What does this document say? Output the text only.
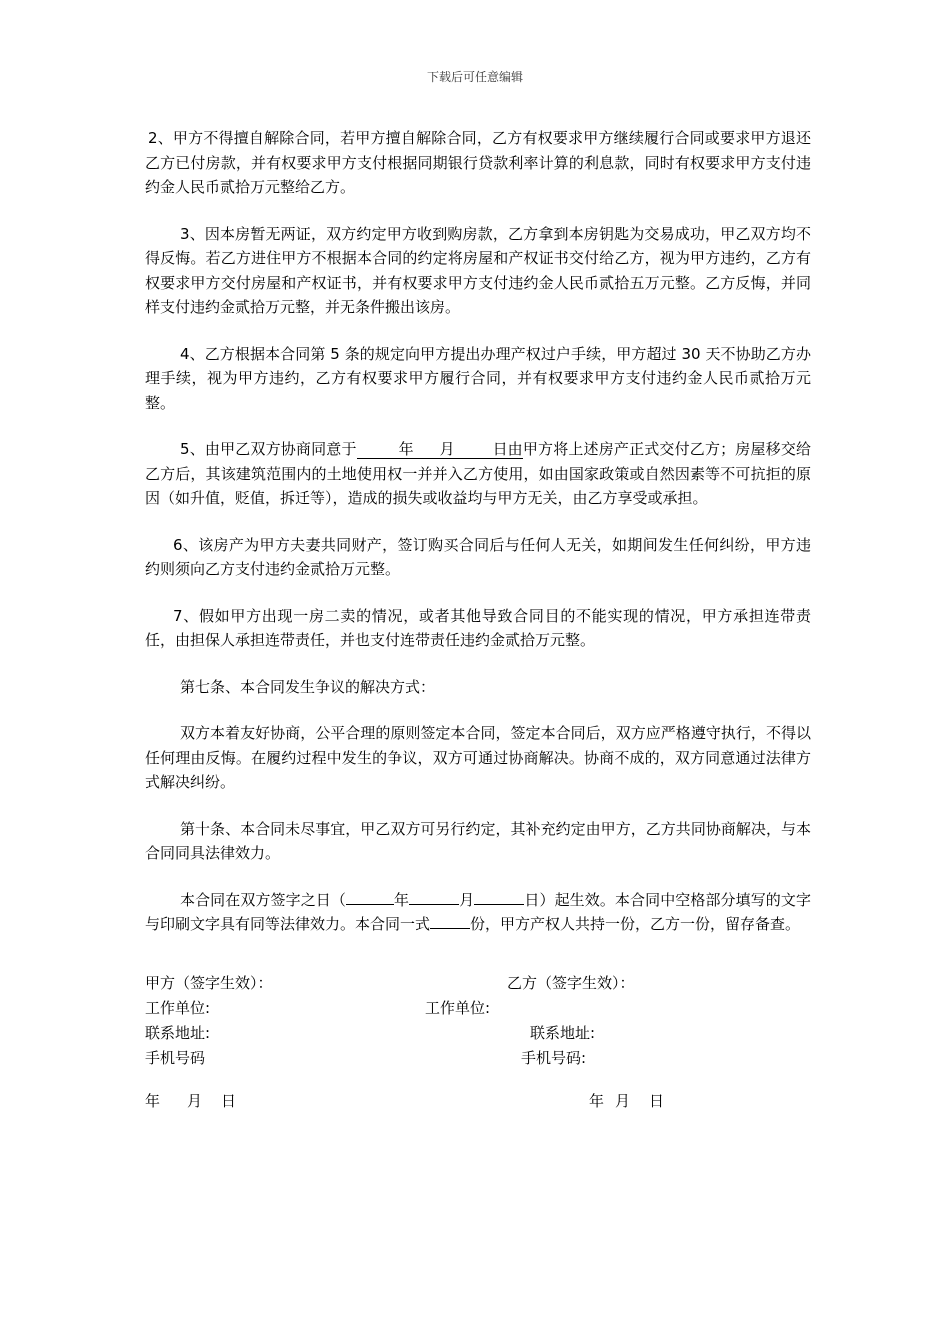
下载后可任意编辑

2、甲方不得擅自解除合同，若甲方擅自解除合同，乙方有权要求甲方继续履行合同或要求甲方退还乙方已付房款，并有权要求甲方支付根据同期银行贷款利率计算的利息款，同时有权要求甲方支付违约金人民币贰拾万元整给乙方。

3、因本房暂无两证，双方约定甲方收到购房款，乙方拿到本房钥匙为交易成功，甲乙双方均不得反悔。若乙方进住甲方不根据本合同的约定将房屋和产权证书交付给乙方，视为甲方违约，乙方有权要求甲方交付房屋和产权证书，并有权要求甲方支付违约金人民币贰拾五万元整。乙方反悔，并同样支付违约金贰拾万元整，并无条件搬出该房。

4、乙方根据本合同第 5 条的规定向甲方提出办理产权过户手续，甲方超过 30 天不协助乙方办理手续，视为甲方违约，乙方有权要求甲方履行合同，并有权要求甲方支付违约金人民币贰拾万元整。

5、由甲乙双方协商同意于	年 月	日由甲方将上述房产正式交付乙方；房屋移交给乙方后，其该建筑范围内的土地使用权一并并入乙方使用，如由国家政策或自然因素等不可抗拒的原因（如升值，贬值，拆迁等），造成的损失或收益均与甲方无关，由乙方享受或承担。

6、该房产为甲方夫妻共同财产，签订购买合同后与任何人无关，如期间发生任何纠纷，甲方违约则须向乙方支付违约金贰拾万元整。

7、假如甲方出现一房二卖的情况，或者其他导致合同目的不能实现的情况，甲方承担连带责任，由担保人承担连带责任，并也支付连带责任违约金贰拾万元整。

第七条、本合同发生争议的解决方式：

双方本着友好协商，公平合理的原则签定本合同，签定本合同后，双方应严格遵守执行，不得以任何理由反悔。在履约过程中发生的争议，双方可通过协商解决。协商不成的，双方同意通过法律方式解决纠纷。

第十条、本合同未尽事宜，甲乙双方可另行约定，其补充约定由甲方，乙方共同协商解决，与本合同同具法律效力。

本合同在双方签字之日（	年	月	日）起生效。本合同中空格部分填写的文字与印刷文字具有同等法律效力。本合同一式	份，甲方产权人共持一份，乙方一份，留存备查。

甲方（签字生效）：	乙方（签字生效）：
工作单位:	工作单位:
联系地址:	联系地址:
手机号码	手机号码:
年 月 日	年 月 日
